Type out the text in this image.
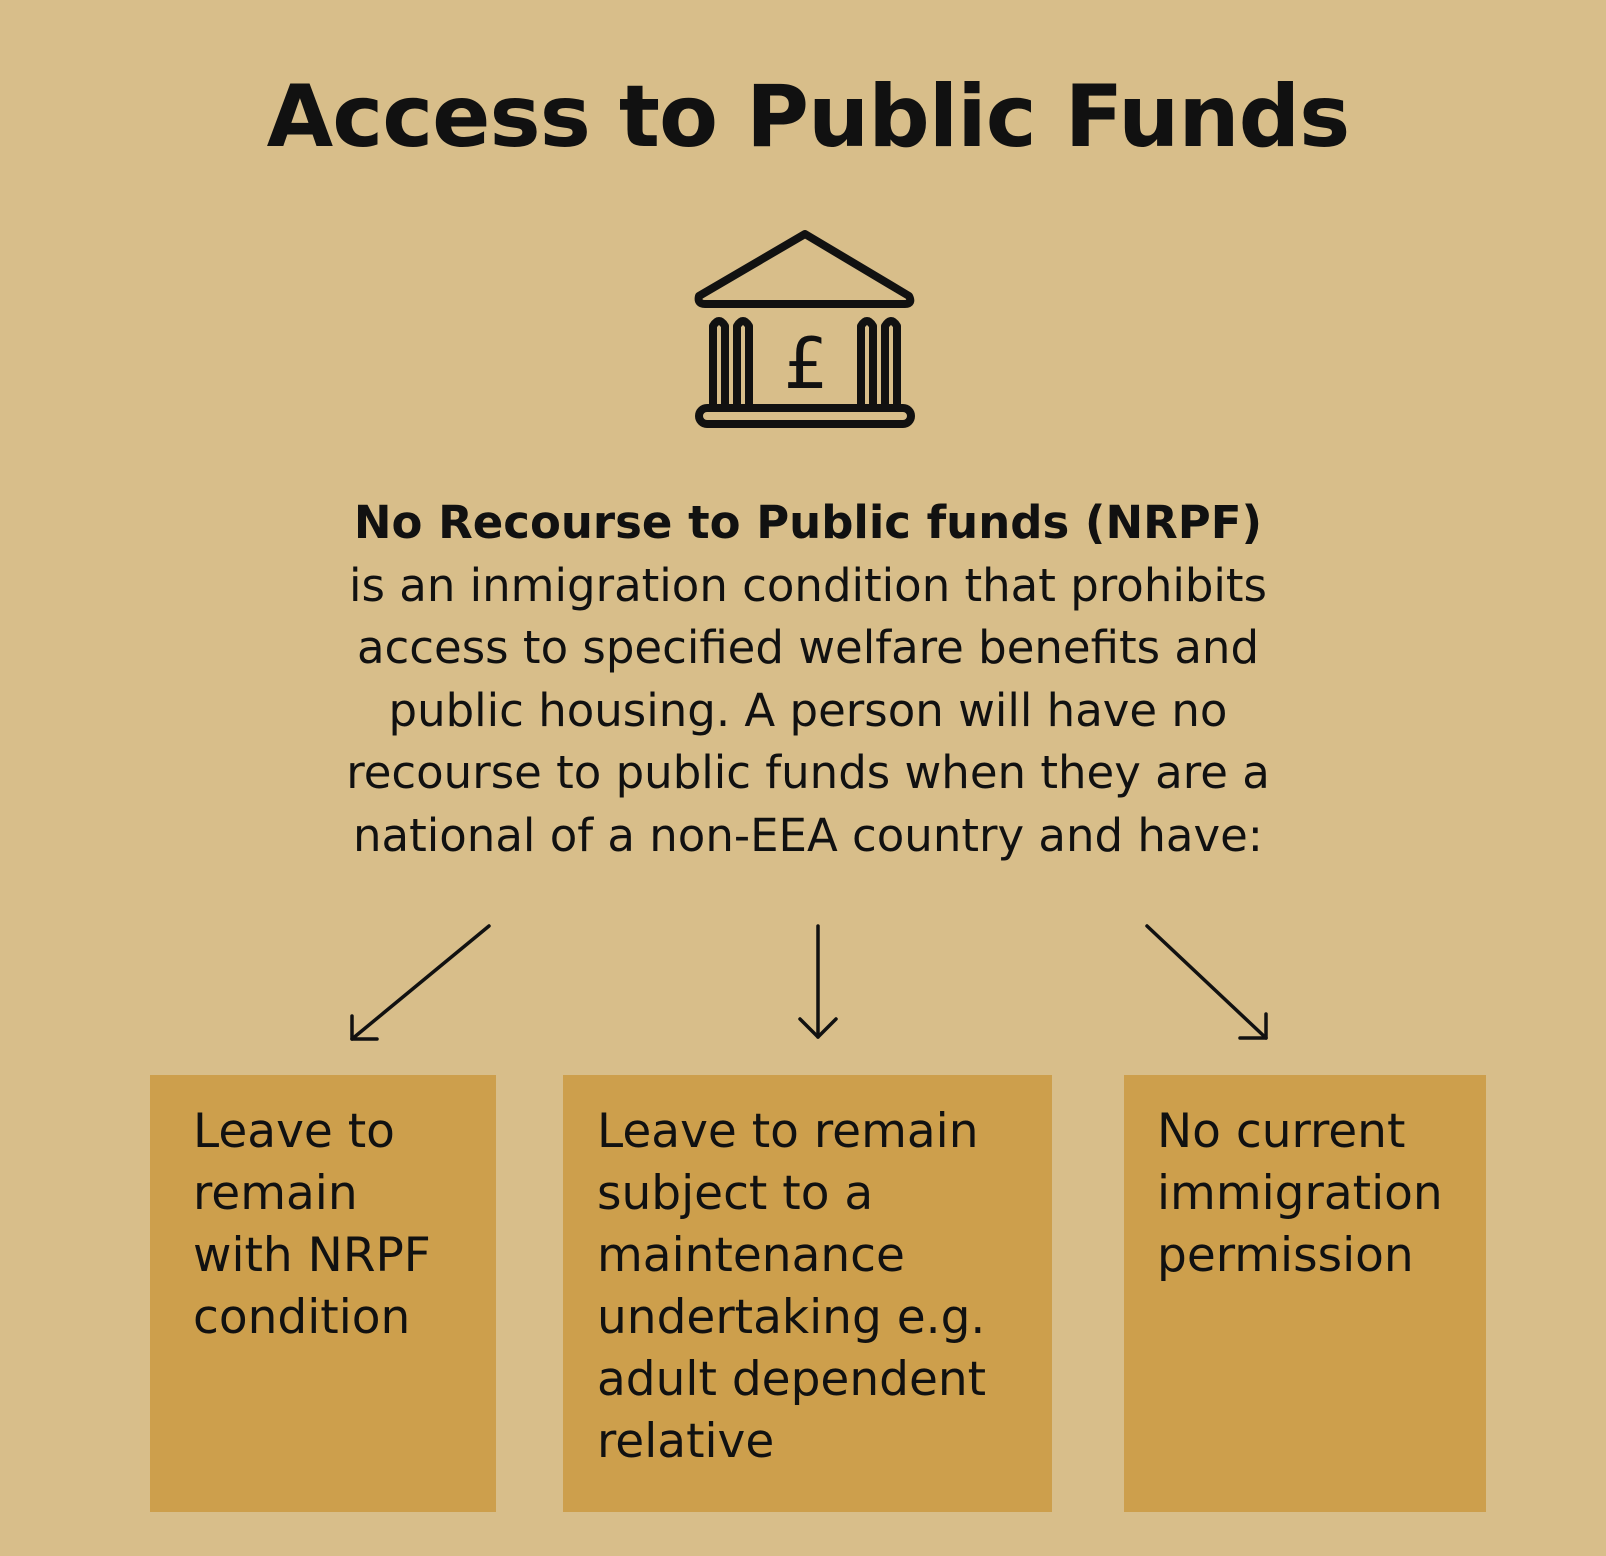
Access to Public Funds
£
No Recourse to Public funds (NRPF)
is an inmigration condition that prohibits
access to specified welfare benefits and
public housing. A person will have no
recourse to public funds when they are a
national of a non-EEA country and have:
Leave to
remain
with NRPF
condition
Leave to remain
subject to a
maintenance
undertaking e.g.
adult dependent
relative
No current
immigration
permission
